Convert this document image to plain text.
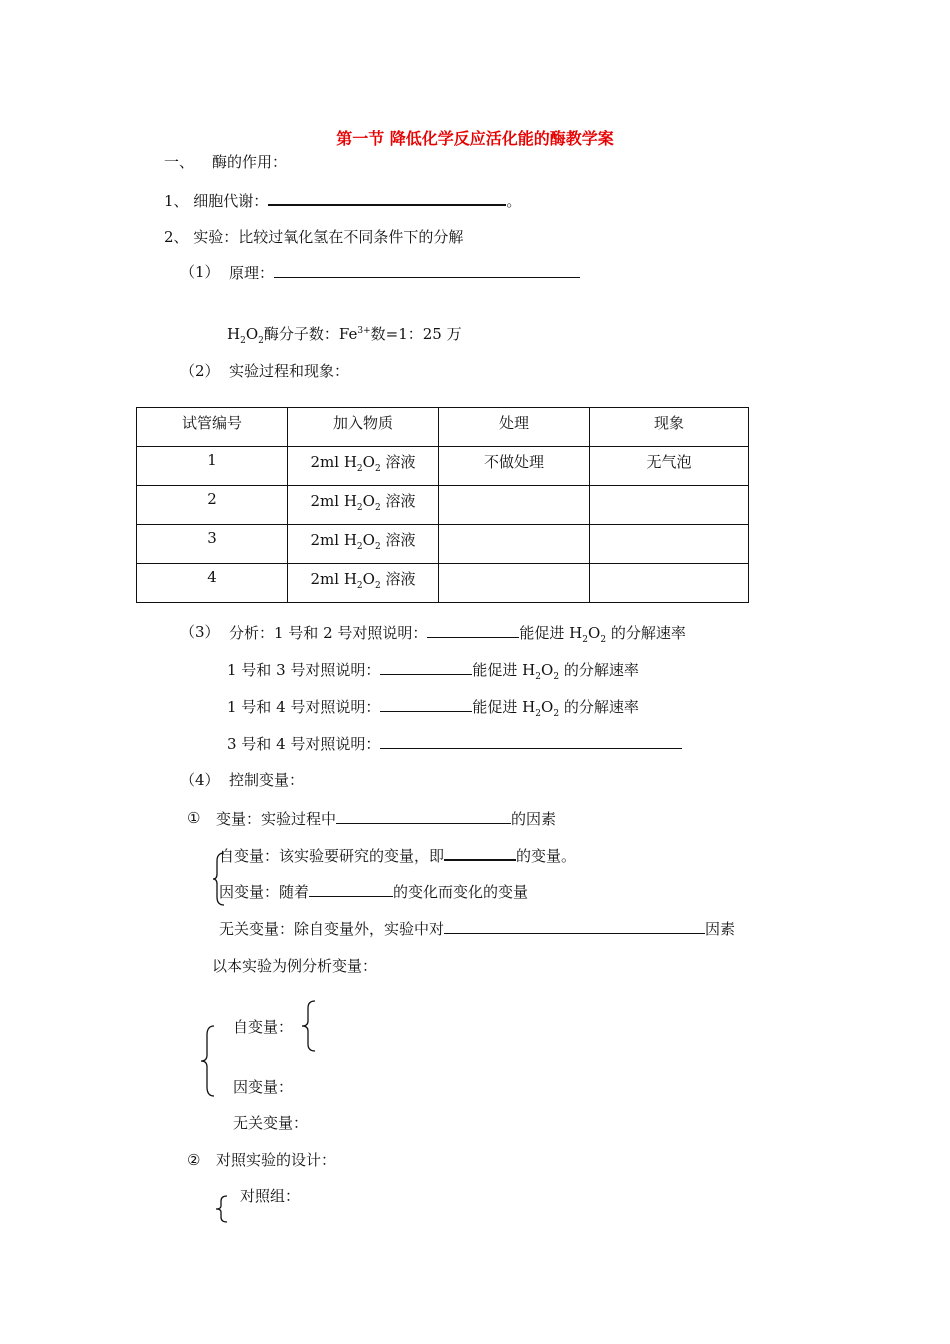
第一节 降低化学反应活化能的酶教学案
一、 酶的作用：
1、 细胞代谢：	。
2、 实验：比较过氧化氢在不同条件下的分解
（1） 原理：
$H_2O_2$酶分子数：$Fe^{3+}$数=1：25 万
（2） 实验过程和现象：
试管编号	加入物质	处理	现象
1	2ml $H_2O_2$ 溶液	不做处理	无气泡
2	2ml $H_2O_2$ 溶液		
3	2ml $H_2O_2$ 溶液		
4	2ml $H_2O_2$ 溶液		
（3） 分析：1 号和 2 号对照说明：	能促进 $H_2O_2$ 的分解速率
1 号和 3 号对照说明：	能促进 $H_2O_2$ 的分解速率
1 号和 4 号对照说明：	能促进 $H_2O_2$ 的分解速率
3 号和 4 号对照说明：
（4） 控制变量：
① 变量：实验过程中	的因素
自变量：该实验要研究的变量，即	的变量。
因变量：随着	的变化而变化的变量
无关变量：除自变量外，实验中对	因素
以本实验为例分析变量：
自变量：
因变量：
无关变量：
② 对照实验的设计：
对照组：
